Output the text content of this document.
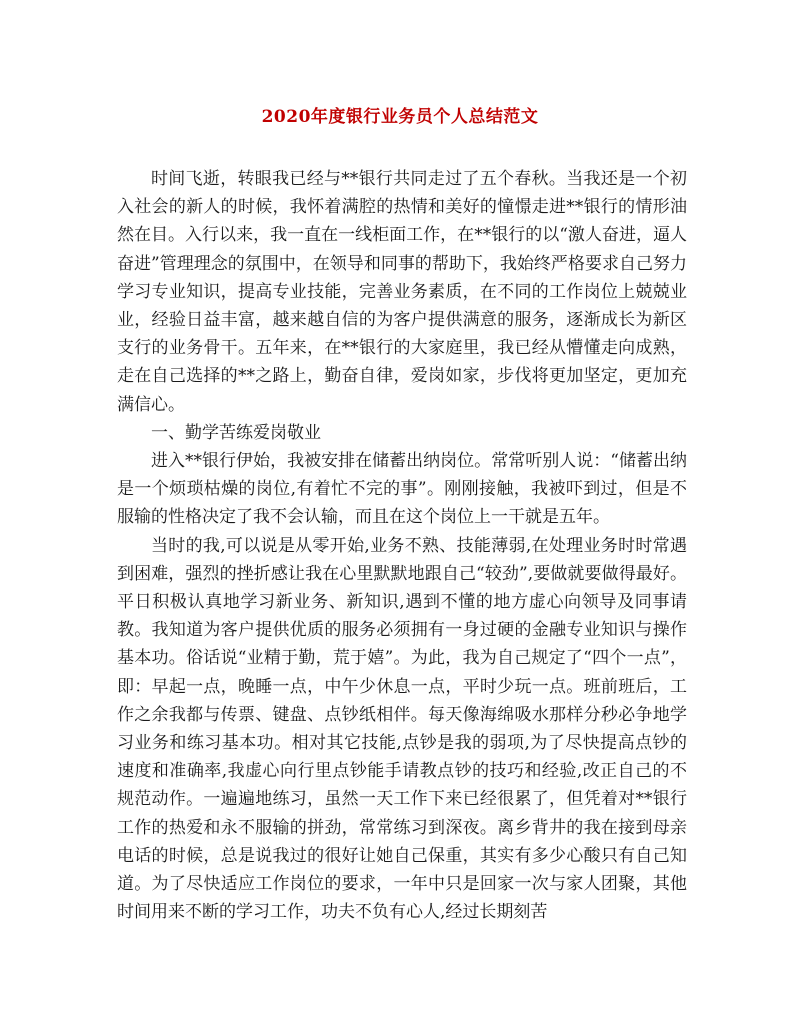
2020年度银行业务员个人总结范文

时间飞逝，转眼我已经与**银行共同走过了五个春秋。当我还是一个初入社会的新人的时候，我怀着满腔的热情和美好的憧憬走进**银行的情形油然在目。入行以来，我一直在一线柜面工作，在**银行的以“激人奋进，逼人奋进”管理理念的氛围中，在领导和同事的帮助下，我始终严格要求自己努力学习专业知识，提高专业技能，完善业务素质，在不同的工作岗位上兢兢业业，经验日益丰富，越来越自信的为客户提供满意的服务，逐渐成长为新区支行的业务骨干。五年来，在**银行的大家庭里，我已经从懵懂走向成熟，走在自己选择的**之路上，勤奋自律，爱岗如家，步伐将更加坚定，更加充满信心。

一、勤学苦练爱岗敬业

进入**银行伊始，我被安排在储蓄出纳岗位。常常听别人说：“储蓄出纳是一个烦琐枯燥的岗位,有着忙不完的事”。刚刚接触，我被吓到过，但是不服输的性格决定了我不会认输，而且在这个岗位上一干就是五年。

当时的我,可以说是从零开始,业务不熟、技能薄弱,在处理业务时时常遇到困难，强烈的挫折感让我在心里默默地跟自己“较劲”,要做就要做得最好。平日积极认真地学习新业务、新知识,遇到不懂的地方虚心向领导及同事请教。我知道为客户提供优质的服务必须拥有一身过硬的金融专业知识与操作基本功。俗话说“业精于勤，荒于嬉”。为此，我为自己规定了“四个一点”，即：早起一点，晚睡一点，中午少休息一点，平时少玩一点。班前班后，工作之余我都与传票、键盘、点钞纸相伴。每天像海绵吸水那样分秒必争地学习业务和练习基本功。相对其它技能,点钞是我的弱项,为了尽快提高点钞的速度和准确率,我虚心向行里点钞能手请教点钞的技巧和经验,改正自己的不规范动作。一遍遍地练习，虽然一天工作下来已经很累了，但凭着对**银行工作的热爱和永不服输的拼劲，常常练习到深夜。离乡背井的我在接到母亲电话的时候，总是说我过的很好让她自己保重，其实有多少心酸只有自己知道。为了尽快适应工作岗位的要求，一年中只是回家一次与家人团聚，其他时间用来不断的学习工作，功夫不负有心人,经过长期刻苦
